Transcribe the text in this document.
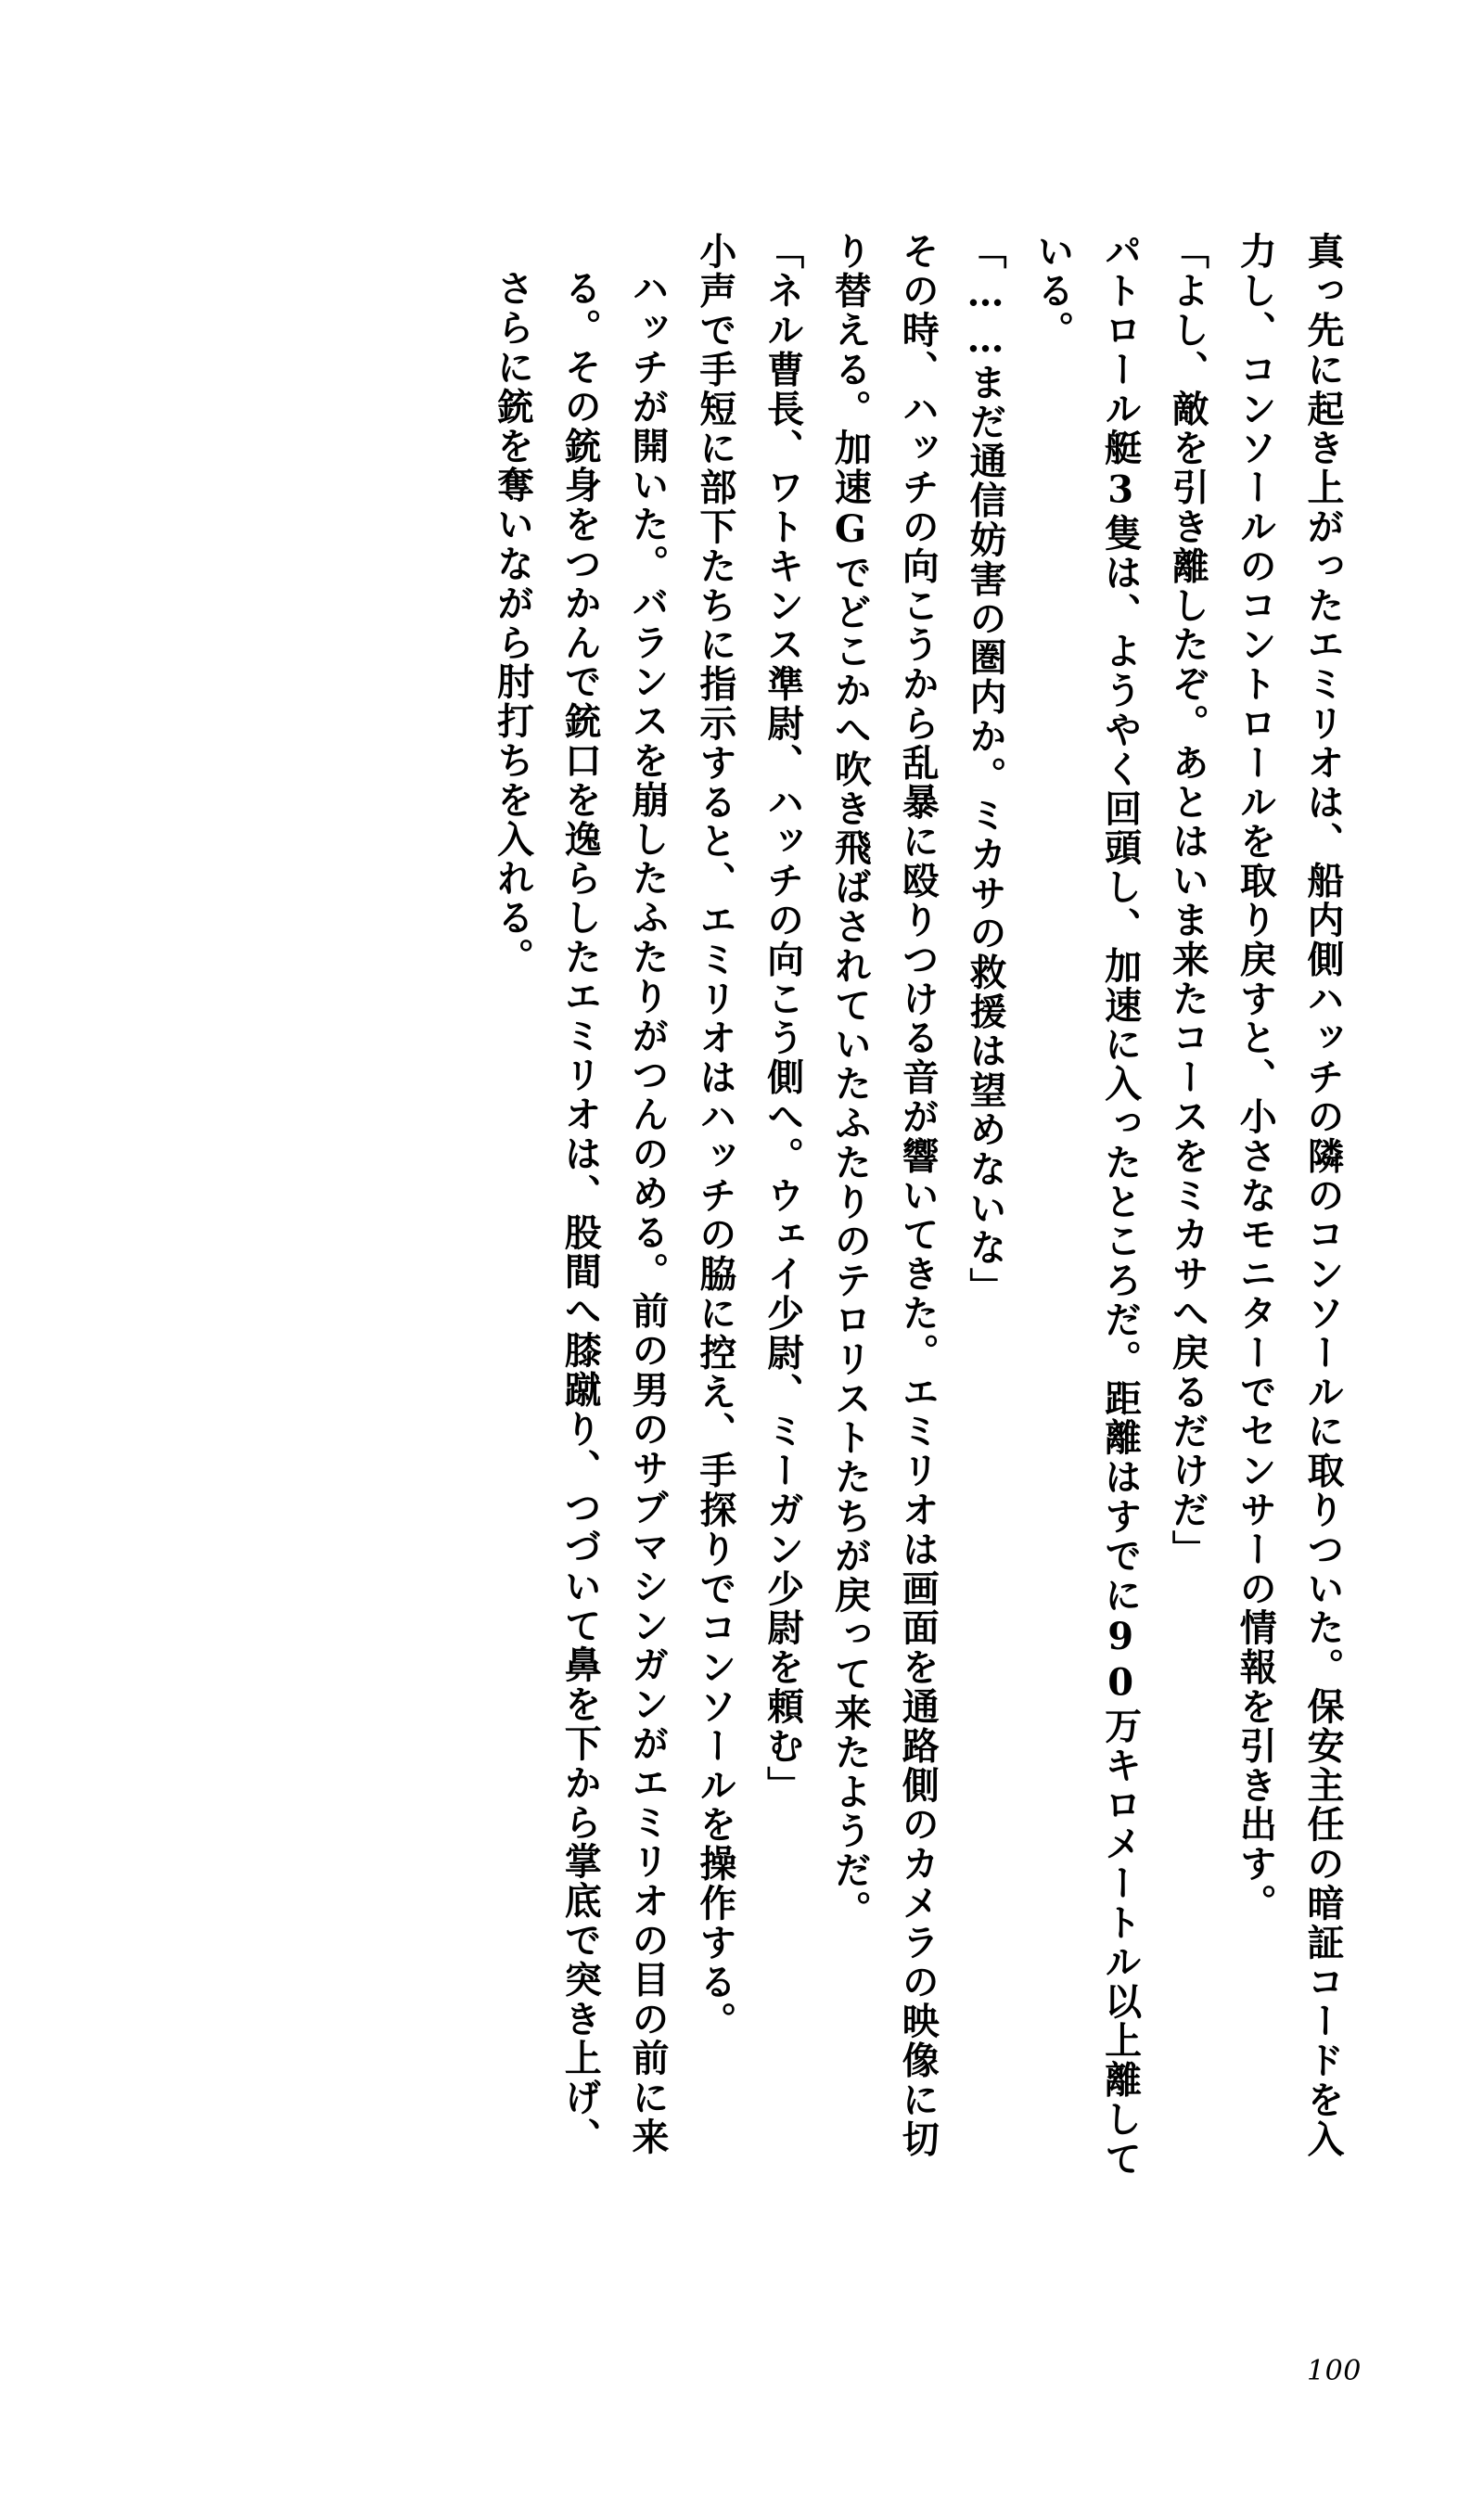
真っ先に起き上がったエミリオは、船内側ハッチの隣のコンソールに取りついた。保安主任の暗証コードを入力し、コンソールのコントロールを取り戻すと、小さなモニターでセンサーの情報を引き出す。
「よし、敵を引き離したぞ。あとはいま来たコースをミカサへ戻るだけだ」
パトロール艇3隻は、ようやく回頭し、加速に入ったところだ。距離はすでに90万キロメートル以上離している。
「……まだ通信妨害の圏内か。ミカサの救援は望めないな」
その時、ハッチの向こうから乱暴に殴りつける音が響いてきた。エミリオは画面を通路側のカメラの映像に切り替える。加速Gでどこかへ吹き飛ばされていたふたりのテロリストたちが戻って来たようだ。
「ネル曹長、ワトキンス準尉、ハッチの向こう側へ。ウェイ少尉、ミーガン少尉を頼む」
小声で手短に部下たちに指示すると、エミリオはハッチの脇に控え、手探りでコンソールを操作する。
ハッチが開いた。バランスを崩したふたりがつんのめる。前の男のサブマシンガンがエミリオの目の前に来る。その銃身をつかんで銃口を逸らしたエミリオは、股間へ膝蹴り、つづいて鼻を下から掌底で突き上げ、さらに銃を奪いながら肘打ちを入れる。
100
